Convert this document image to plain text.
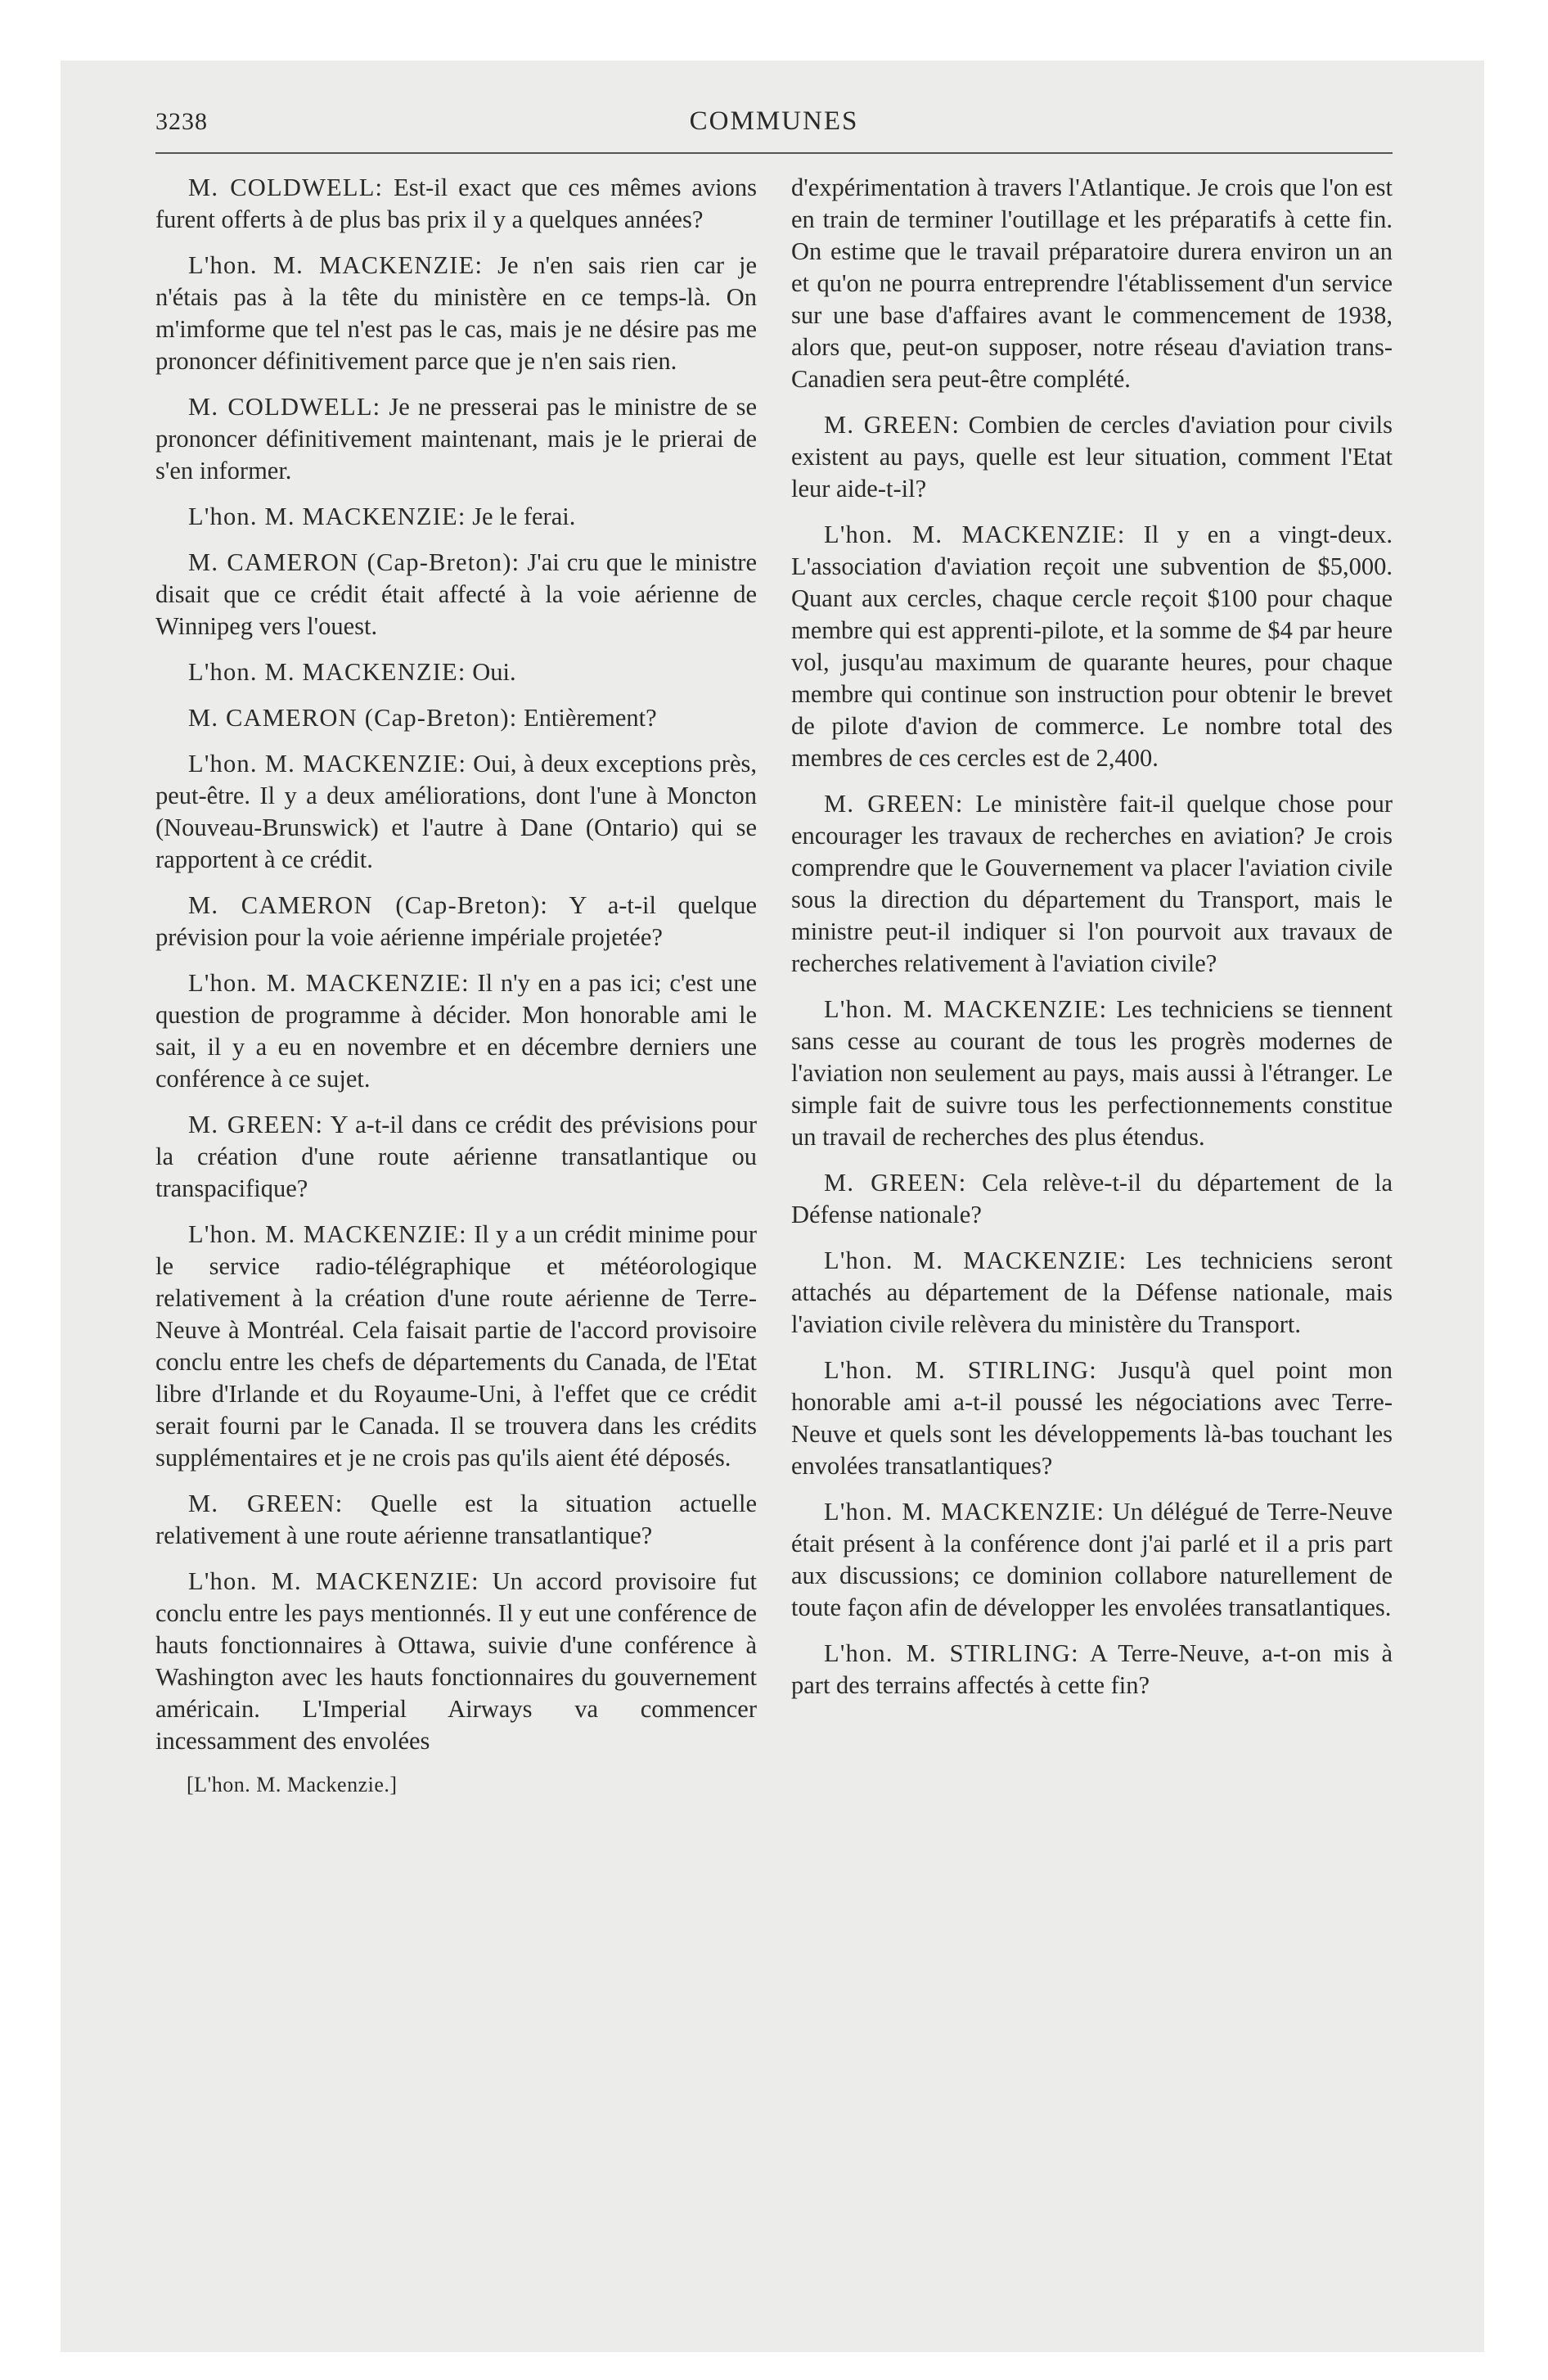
3238	COMMUNES

M. COLDWELL: Est-il exact que ces mêmes avions furent offerts à de plus bas prix il y a quelques années?

L'hon. M. MACKENZIE: Je n'en sais rien car je n'étais pas à la tête du ministère en ce temps-là. On m'imforme que tel n'est pas le cas, mais je ne désire pas me prononcer définitivement parce que je n'en sais rien.

M. COLDWELL: Je ne presserai pas le ministre de se prononcer définitivement maintenant, mais je le prierai de s'en informer.

L'hon. M. MACKENZIE: Je le ferai.

M. CAMERON (Cap-Breton): J'ai cru que le ministre disait que ce crédit était affecté à la voie aérienne de Winnipeg vers l'ouest.

L'hon. M. MACKENZIE: Oui.

M. CAMERON (Cap-Breton): Entièrement?

L'hon. M. MACKENZIE: Oui, à deux exceptions près, peut-être. Il y a deux améliorations, dont l'une à Moncton (Nouveau-Brunswick) et l'autre à Dane (Ontario) qui se rapportent à ce crédit.

M. CAMERON (Cap-Breton): Y a-t-il quelque prévision pour la voie aérienne impériale projetée?

L'hon. M. MACKENZIE: Il n'y en a pas ici; c'est une question de programme à décider. Mon honorable ami le sait, il y a eu en novembre et en décembre derniers une conférence à ce sujet.

M. GREEN: Y a-t-il dans ce crédit des prévisions pour la création d'une route aérienne transatlantique ou transpacifique?

L'hon. M. MACKENZIE: Il y a un crédit minime pour le service radio-télégraphique et météorologique relativement à la création d'une route aérienne de Terre-Neuve à Montréal. Cela faisait partie de l'accord provisoire conclu entre les chefs de départements du Canada, de l'Etat libre d'Irlande et du Royaume-Uni, à l'effet que ce crédit serait fourni par le Canada. Il se trouvera dans les crédits supplémentaires et je ne crois pas qu'ils aient été déposés.

M. GREEN: Quelle est la situation actuelle relativement à une route aérienne transatlantique?

L'hon. M. MACKENZIE: Un accord provisoire fut conclu entre les pays mentionnés. Il y eut une conférence de hauts fonctionnaires à Ottawa, suivie d'une conférence à Washington avec les hauts fonctionnaires du gouvernement américain. L'Imperial Airways va commencer incessamment des envolées

[L'hon. M. Mackenzie.]

d'expérimentation à travers l'Atlantique. Je crois que l'on est en train de terminer l'outillage et les préparatifs à cette fin. On estime que le travail préparatoire durera environ un an et qu'on ne pourra entreprendre l'établissement d'un service sur une base d'affaires avant le commencement de 1938, alors que, peut-on supposer, notre réseau d'aviation trans-Canadien sera peut-être complété.

M. GREEN: Combien de cercles d'aviation pour civils existent au pays, quelle est leur situation, comment l'Etat leur aide-t-il?

L'hon. M. MACKENZIE: Il y en a vingt-deux. L'association d'aviation reçoit une subvention de $5,000. Quant aux cercles, chaque cercle reçoit $100 pour chaque membre qui est apprenti-pilote, et la somme de $4 par heure vol, jusqu'au maximum de quarante heures, pour chaque membre qui continue son instruction pour obtenir le brevet de pilote d'avion de commerce. Le nombre total des membres de ces cercles est de 2,400.

M. GREEN: Le ministère fait-il quelque chose pour encourager les travaux de recherches en aviation? Je crois comprendre que le Gouvernement va placer l'aviation civile sous la direction du département du Transport, mais le ministre peut-il indiquer si l'on pourvoit aux travaux de recherches relativement à l'aviation civile?

L'hon. M. MACKENZIE: Les techniciens se tiennent sans cesse au courant de tous les progrès modernes de l'aviation non seulement au pays, mais aussi à l'étranger. Le simple fait de suivre tous les perfectionnements constitue un travail de recherches des plus étendus.

M. GREEN: Cela relève-t-il du département de la Défense nationale?

L'hon. M. MACKENZIE: Les techniciens seront attachés au département de la Défense nationale, mais l'aviation civile relèvera du ministère du Transport.

L'hon. M. STIRLING: Jusqu'à quel point mon honorable ami a-t-il poussé les négociations avec Terre-Neuve et quels sont les développements là-bas touchant les envolées transatlantiques?

L'hon. M. MACKENZIE: Un délégué de Terre-Neuve était présent à la conférence dont j'ai parlé et il a pris part aux discussions; ce dominion collabore naturellement de toute façon afin de développer les envolées transatlantiques.

L'hon. M. STIRLING: A Terre-Neuve, a-t-on mis à part des terrains affectés à cette fin?
